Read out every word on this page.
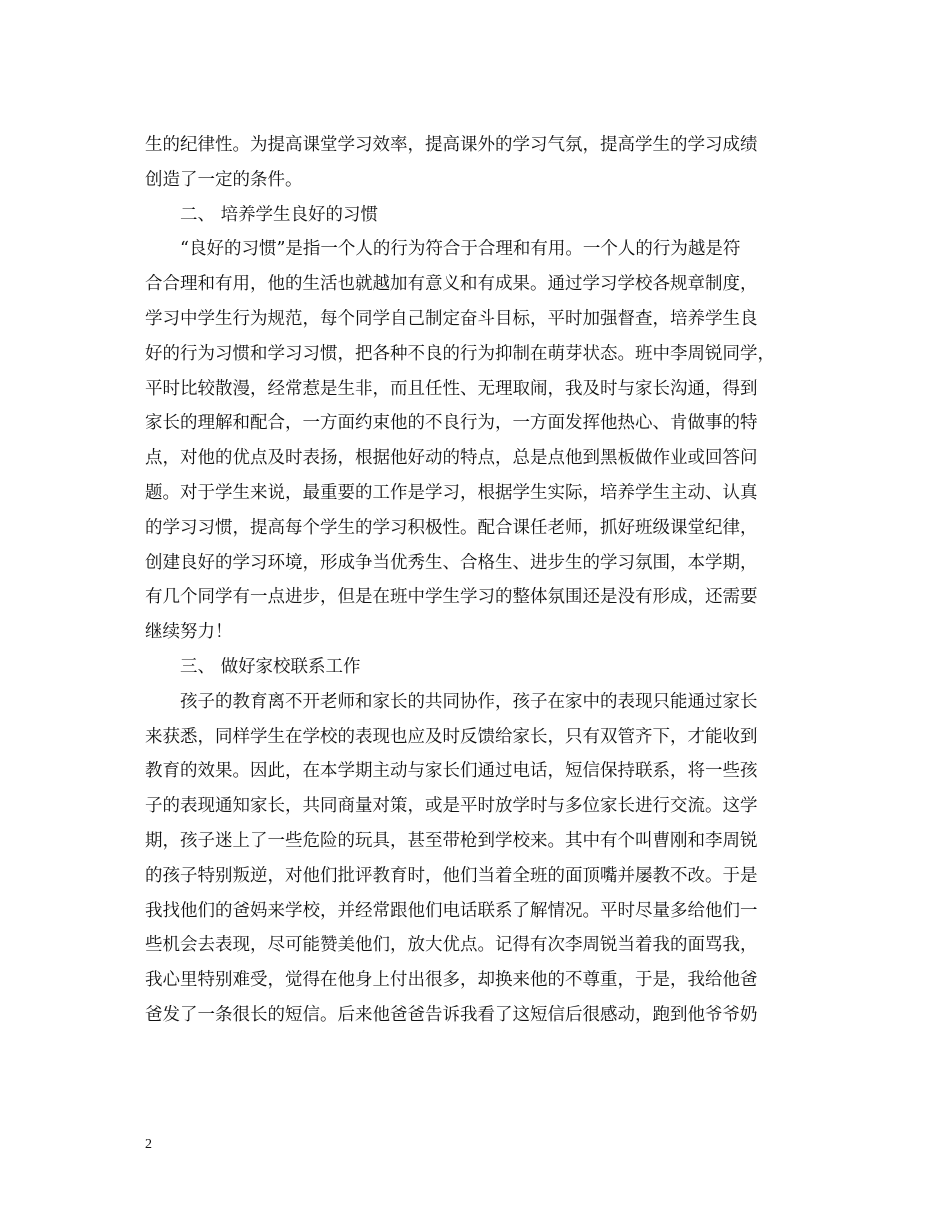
生的纪律性。为提高课堂学习效率，提高课外的学习气氛，提高学生的学习成绩
创造了一定的条件。
二、 培养学生良好的习惯
“良好的习惯”是指一个人的行为符合于合理和有用。一个人的行为越是符
合合理和有用，他的生活也就越加有意义和有成果。通过学习学校各规章制度，
学习中学生行为规范，每个同学自己制定奋斗目标，平时加强督查，培养学生良
好的行为习惯和学习习惯，把各种不良的行为抑制在萌芽状态。班中李周锐同学，
平时比较散漫，经常惹是生非，而且任性、无理取闹，我及时与家长沟通，得到
家长的理解和配合，一方面约束他的不良行为，一方面发挥他热心、肯做事的特
点，对他的优点及时表扬，根据他好动的特点，总是点他到黑板做作业或回答问
题。对于学生来说，最重要的工作是学习，根据学生实际，培养学生主动、认真
的学习习惯，提高每个学生的学习积极性。配合课任老师，抓好班级课堂纪律，
创建良好的学习环境，形成争当优秀生、合格生、进步生的学习氛围，本学期，
有几个同学有一点进步，但是在班中学生学习的整体氛围还是没有形成，还需要
继续努力！
三、 做好家校联系工作
孩子的教育离不开老师和家长的共同协作，孩子在家中的表现只能通过家长
来获悉，同样学生在学校的表现也应及时反馈给家长，只有双管齐下，才能收到
教育的效果。因此，在本学期主动与家长们通过电话，短信保持联系，将一些孩
子的表现通知家长，共同商量对策，或是平时放学时与多位家长进行交流。这学
期，孩子迷上了一些危险的玩具，甚至带枪到学校来。其中有个叫曹刚和李周锐
的孩子特别叛逆，对他们批评教育时，他们当着全班的面顶嘴并屡教不改。于是
我找他们的爸妈来学校，并经常跟他们电话联系了解情况。平时尽量多给他们一
些机会去表现，尽可能赞美他们，放大优点。记得有次李周锐当着我的面骂我，
我心里特别难受，觉得在他身上付出很多，却换来他的不尊重，于是，我给他爸
爸发了一条很长的短信。后来他爸爸告诉我看了这短信后很感动，跑到他爷爷奶
2
